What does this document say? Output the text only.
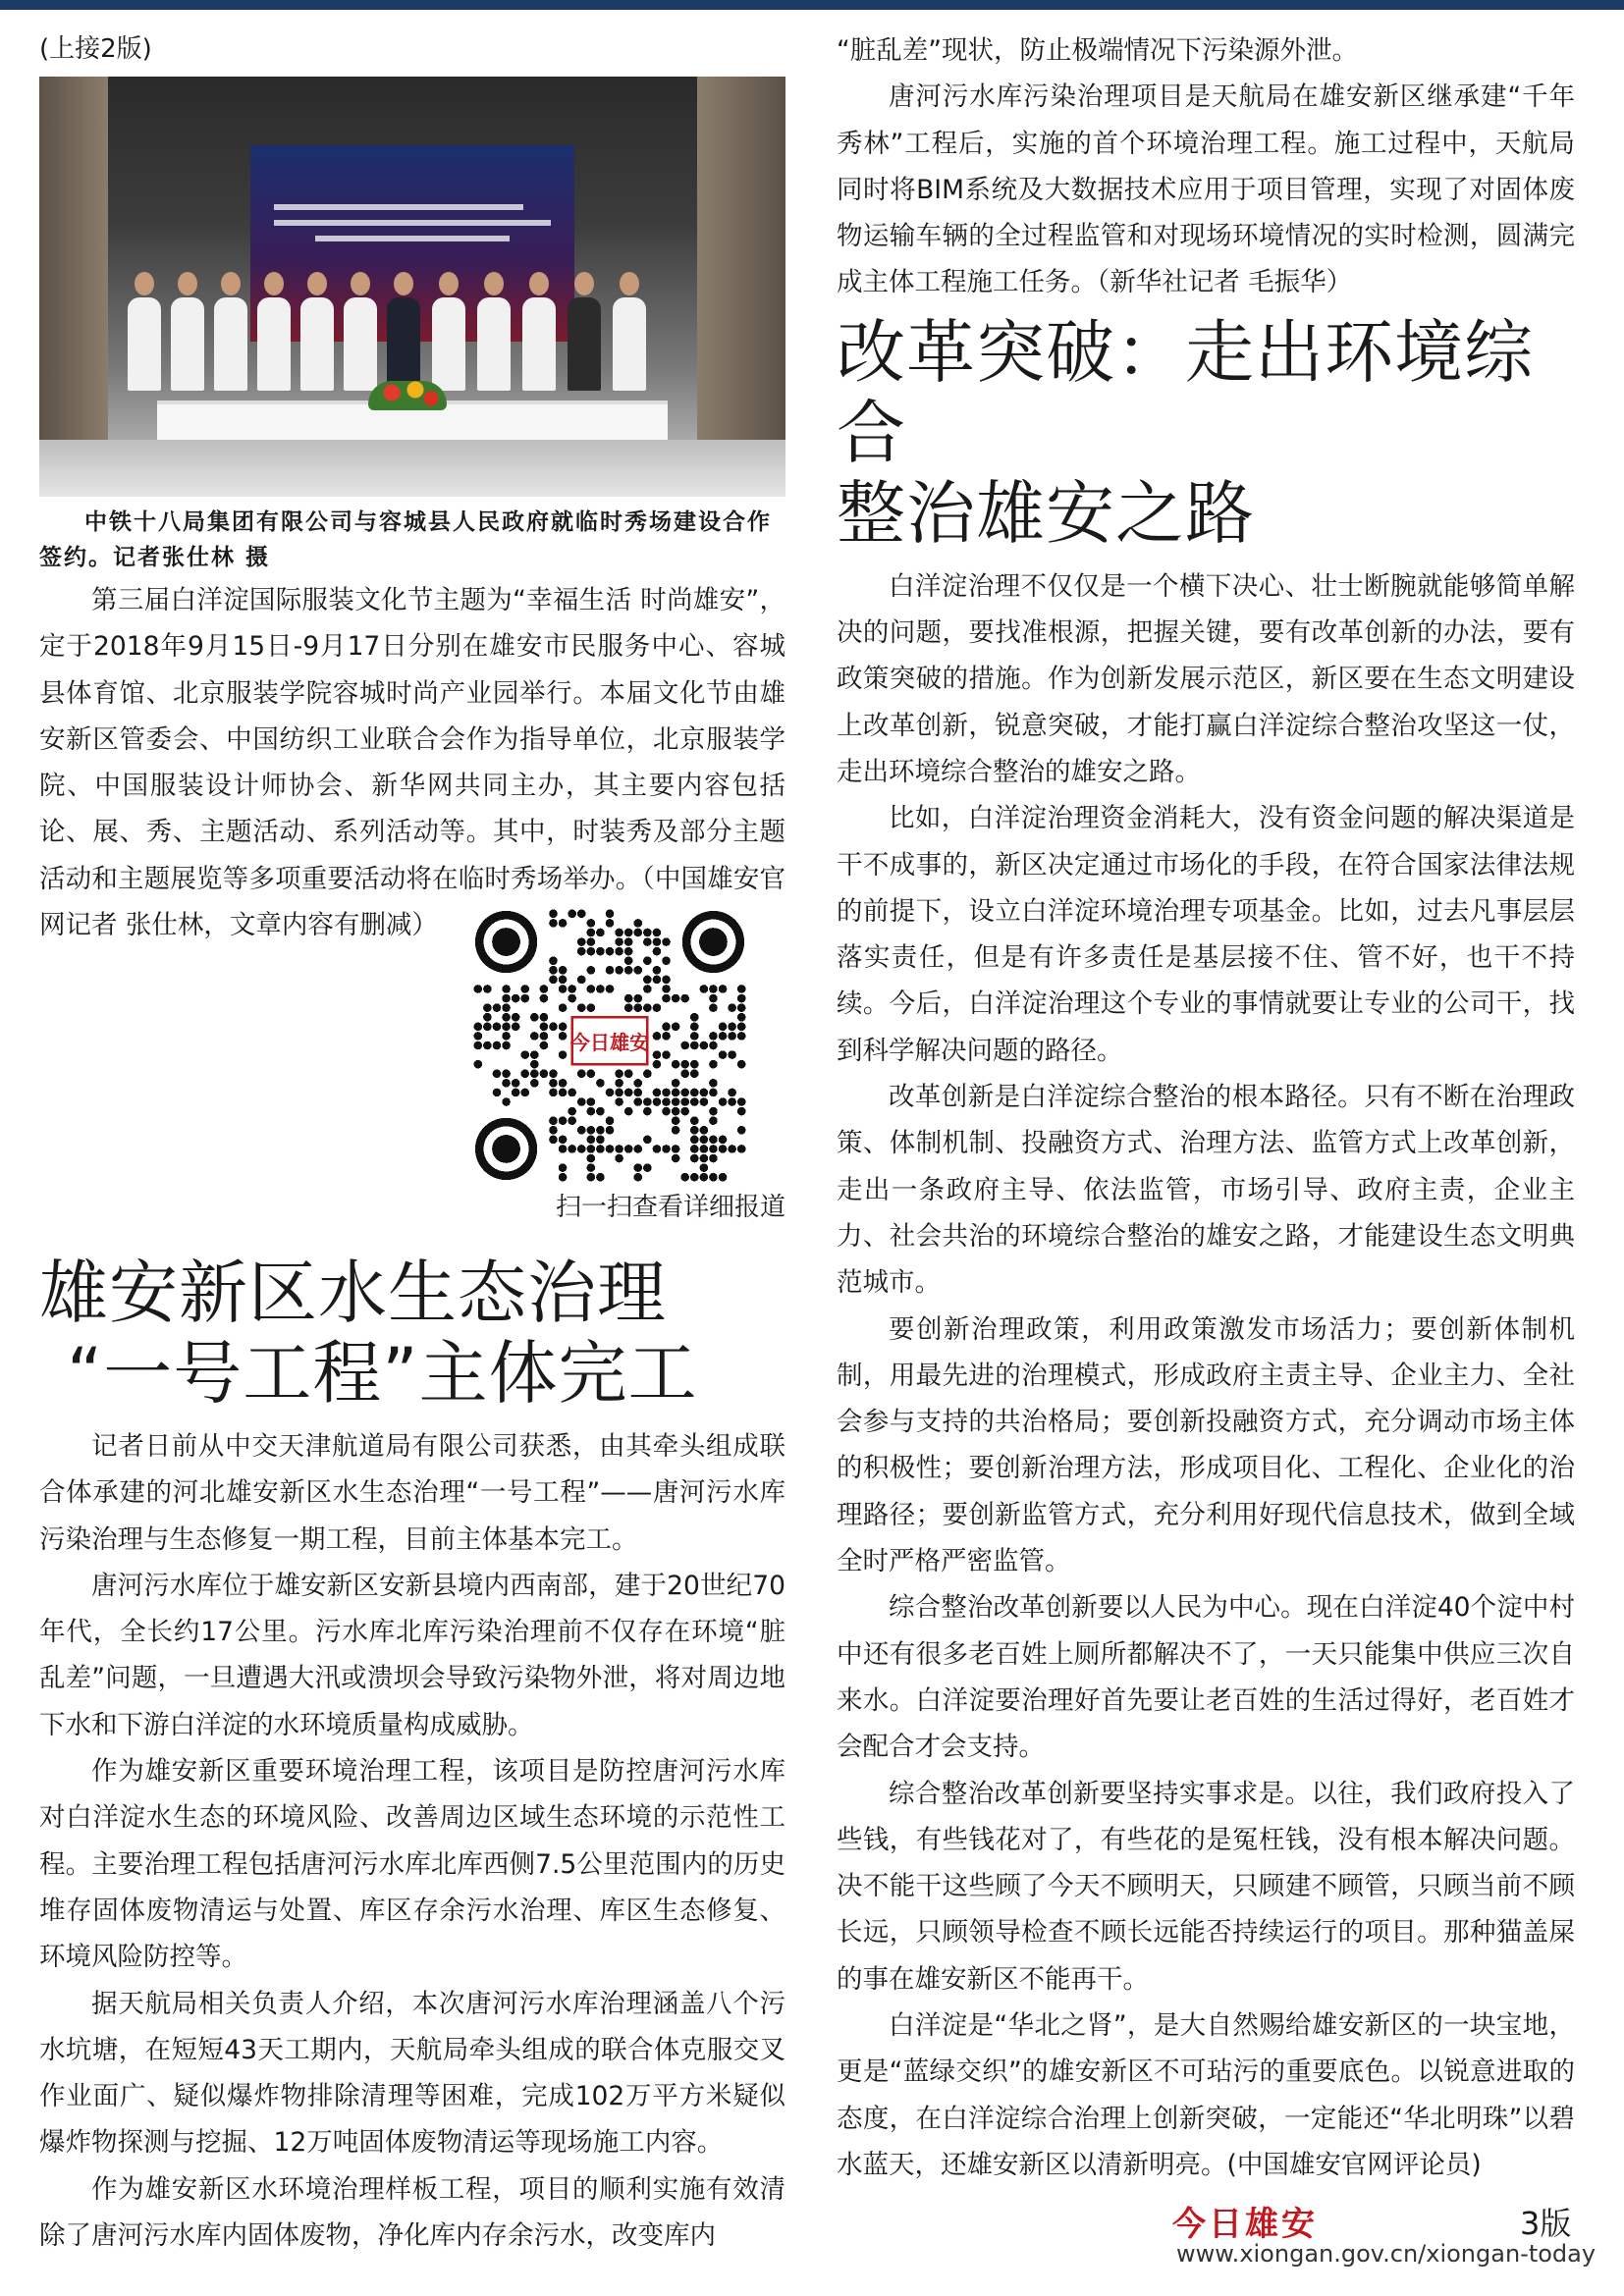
(上接2版)

中铁十八局集团有限公司与容城县人民政府就临时秀场建设合作签约。记者张仕林 摄

第三届白洋淀国际服装文化节主题为“幸福生活 时尚雄安”，定于2018年9月15日-9月17日分别在雄安市民服务中心、容城县体育馆、北京服装学院容城时尚产业园举行。本届文化节由雄安新区管委会、中国纺织工业联合会作为指导单位，北京服装学院、中国服装设计师协会、新华网共同主办，其主要内容包括论、展、秀、主题活动、系列活动等。其中，时装秀及部分主题活动和主题展览等多项重要活动将在临时秀场举办。（中国雄安官网记者 张仕林，文章内容有删减）

今日雄安
扫一扫查看详细报道
雄安新区水生态治理
“一号工程”主体完工

记者日前从中交天津航道局有限公司获悉，由其牵头组成联合体承建的河北雄安新区水生态治理“一号工程”——唐河污水库污染治理与生态修复一期工程，目前主体基本完工。

唐河污水库位于雄安新区安新县境内西南部，建于20世纪70年代，全长约17公里。污水库北库污染治理前不仅存在环境“脏乱差”问题，一旦遭遇大汛或溃坝会导致污染物外泄，将对周边地下水和下游白洋淀的水环境质量构成威胁。

作为雄安新区重要环境治理工程，该项目是防控唐河污水库对白洋淀水生态的环境风险、改善周边区域生态环境的示范性工程。主要治理工程包括唐河污水库北库西侧7.5公里范围内的历史堆存固体废物清运与处置、库区存余污水治理、库区生态修复、环境风险防控等。

据天航局相关负责人介绍，本次唐河污水库治理涵盖八个污水坑塘，在短短43天工期内，天航局牵头组成的联合体克服交叉作业面广、疑似爆炸物排除清理等困难，完成102万平方米疑似爆炸物探测与挖掘、12万吨固体废物清运等现场施工内容。

作为雄安新区水环境治理样板工程，项目的顺利实施有效清除了唐河污水库内固体废物，净化库内存余污水，改变库内

“脏乱差”现状，防止极端情况下污染源外泄。

唐河污水库污染治理项目是天航局在雄安新区继承建“千年秀林”工程后，实施的首个环境治理工程。施工过程中，天航局同时将BIM系统及大数据技术应用于项目管理，实现了对固体废物运输车辆的全过程监管和对现场环境情况的实时检测，圆满完成主体工程施工任务。（新华社记者 毛振华）

改革突破：走出环境综合
整治雄安之路

白洋淀治理不仅仅是一个横下决心、壮士断腕就能够简单解决的问题，要找准根源，把握关键，要有改革创新的办法，要有政策突破的措施。作为创新发展示范区，新区要在生态文明建设上改革创新，锐意突破，才能打赢白洋淀综合整治攻坚这一仗，走出环境综合整治的雄安之路。

比如，白洋淀治理资金消耗大，没有资金问题的解决渠道是干不成事的，新区决定通过市场化的手段，在符合国家法律法规的前提下，设立白洋淀环境治理专项基金。比如，过去凡事层层落实责任，但是有许多责任是基层接不住、管不好，也干不持续。今后，白洋淀治理这个专业的事情就要让专业的公司干，找到科学解决问题的路径。

改革创新是白洋淀综合整治的根本路径。只有不断在治理政策、体制机制、投融资方式、治理方法、监管方式上改革创新，走出一条政府主导、依法监管，市场引导、政府主责，企业主力、社会共治的环境综合整治的雄安之路，才能建设生态文明典范城市。

要创新治理政策，利用政策激发市场活力；要创新体制机制，用最先进的治理模式，形成政府主责主导、企业主力、全社会参与支持的共治格局；要创新投融资方式，充分调动市场主体的积极性；要创新治理方法，形成项目化、工程化、企业化的治理路径；要创新监管方式，充分利用好现代信息技术，做到全域全时严格严密监管。

综合整治改革创新要以人民为中心。现在白洋淀40个淀中村中还有很多老百姓上厕所都解决不了，一天只能集中供应三次自来水。白洋淀要治理好首先要让老百姓的生活过得好，老百姓才会配合才会支持。

综合整治改革创新要坚持实事求是。以往，我们政府投入了些钱，有些钱花对了，有些花的是冤枉钱，没有根本解决问题。决不能干这些顾了今天不顾明天，只顾建不顾管，只顾当前不顾长远，只顾领导检查不顾长远能否持续运行的项目。那种猫盖屎的事在雄安新区不能再干。

白洋淀是“华北之肾”，是大自然赐给雄安新区的一块宝地，更是“蓝绿交织”的雄安新区不可玷污的重要底色。以锐意进取的态度，在白洋淀综合治理上创新突破，一定能还“华北明珠”以碧水蓝天，还雄安新区以清新明亮。(中国雄安官网评论员)

今日雄安	3版
www.xiongan.gov.cn/xiongan-today
